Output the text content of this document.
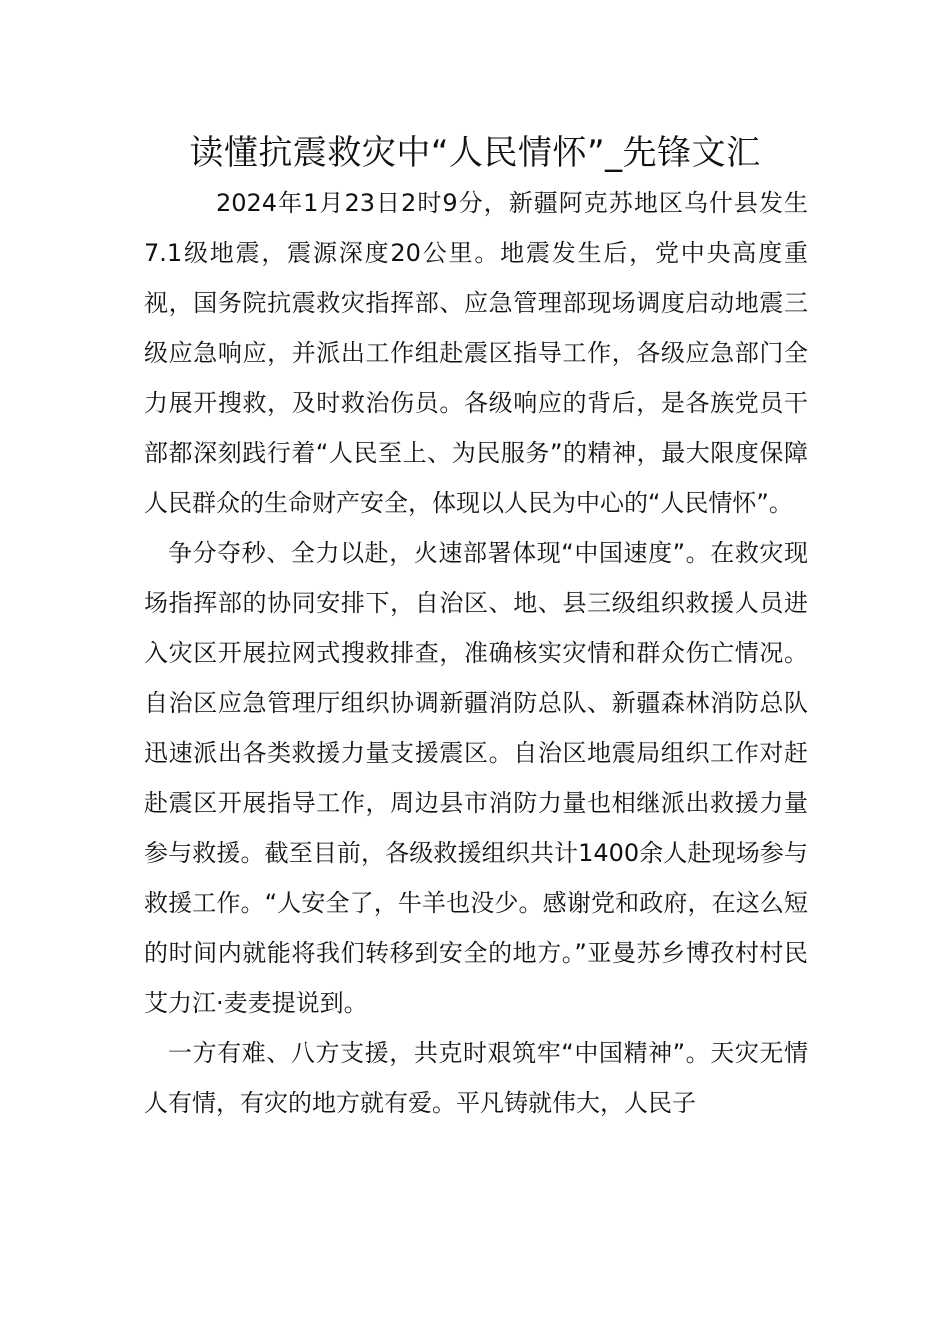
读懂抗震救灾中“人民情怀”_先锋文汇

2024年1月23日2时9分，新疆阿克苏地区乌什县发生7.1级地震，震源深度20公里。地震发生后，党中央高度重视，国务院抗震救灾指挥部、应急管理部现场调度启动地震三级应急响应，并派出工作组赴震区指导工作，各级应急部门全力展开搜救，及时救治伤员。各级响应的背后，是各族党员干部都深刻践行着“人民至上、为民服务”的精神，最大限度保障人民群众的生命财产安全，体现以人民为中心的“人民情怀”。

争分夺秒、全力以赴，火速部署体现“中国速度”。在救灾现场指挥部的协同安排下，自治区、地、县三级组织救援人员进入灾区开展拉网式搜救排查，准确核实灾情和群众伤亡情况。自治区应急管理厅组织协调新疆消防总队、新疆森林消防总队迅速派出各类救援力量支援震区。自治区地震局组织工作对赶赴震区开展指导工作，周边县市消防力量也相继派出救援力量参与救援。截至目前，各级救援组织共计1400余人赴现场参与救援工作。“人安全了，牛羊也没少。感谢党和政府，在这么短的时间内就能将我们转移到安全的地方。”亚曼苏乡博孜村村民艾力江·麦麦提说到。

一方有难、八方支援，共克时艰筑牢“中国精神”。天灾无情人有情，有灾的地方就有爱。平凡铸就伟大，人民子
